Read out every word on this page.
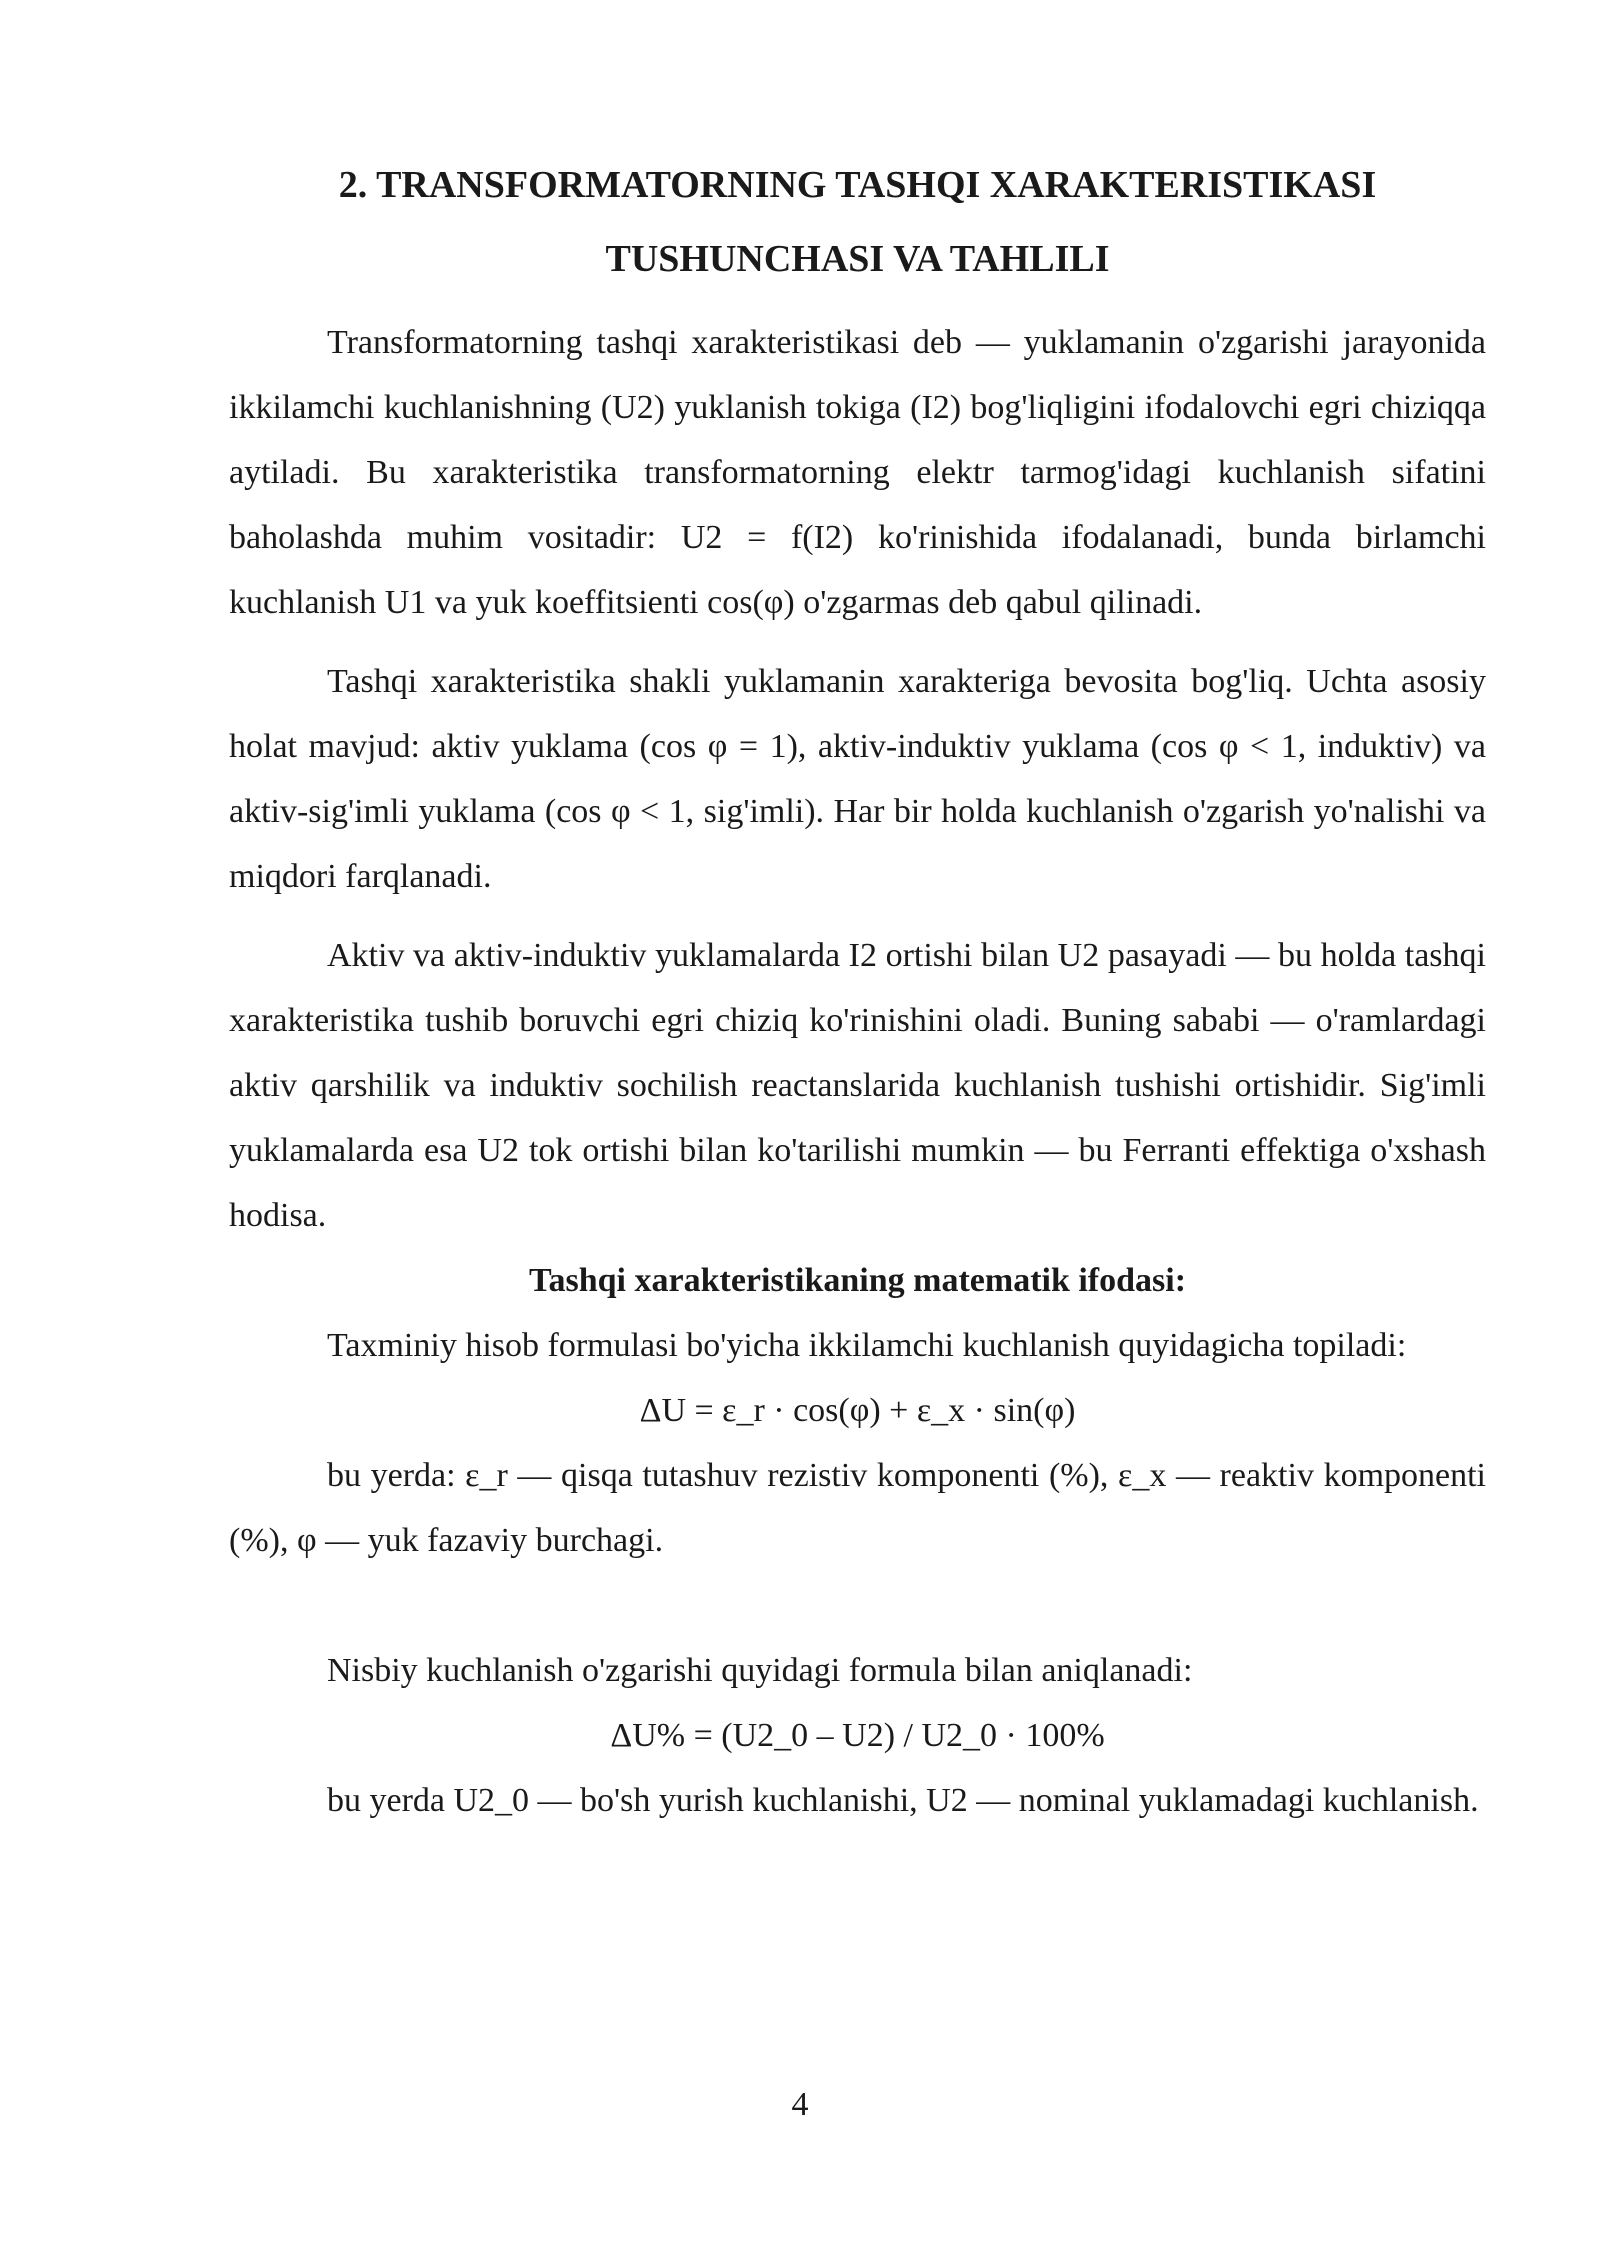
2. TRANSFORMATORNING TASHQI XARAKTERISTIKASI
TUSHUNCHASI VA TAHLILI

Transformatorning tashqi xarakteristikasi deb — yuklamanin o'zgarishi jarayonida ikkilamchi kuchlanishning (U2) yuklanish tokiga (I2) bog'liqligini ifodalovchi egri chiziqqa aytiladi. Bu xarakteristika transformatorning elektr tarmog'idagi kuchlanish sifatini baholashda muhim vositadir: U2 = f(I2) ko'rinishida ifodalanadi, bunda birlamchi kuchlanish U1 va yuk koeffitsienti cos(φ) o'zgarmas deb qabul qilinadi.

Tashqi xarakteristika shakli yuklamanin xarakteriga bevosita bog'liq. Uchta asosiy holat mavjud: aktiv yuklama (cos φ = 1), aktiv-induktiv yuklama (cos φ < 1, induktiv) va aktiv-sig'imli yuklama (cos φ < 1, sig'imli). Har bir holda kuchlanish o'zgarish yo'nalishi va miqdori farqlanadi.

Aktiv va aktiv-induktiv yuklamalarda I2 ortishi bilan U2 pasayadi — bu holda tashqi xarakteristika tushib boruvchi egri chiziq ko'rinishini oladi. Buning sababi — o'ramlardagi aktiv qarshilik va induktiv sochilish reactanslarida kuchlanish tushishi ortishidir. Sig'imli yuklamalarda esa U2 tok ortishi bilan ko'tarilishi mumkin — bu Ferranti effektiga o'xshash hodisa.

Tashqi xarakteristikaning matematik ifodasi:

Taxminiy hisob formulasi bo'yicha ikkilamchi kuchlanish quyidagicha topiladi:

ΔU = ε_r · cos(φ) + ε_x · sin(φ)

bu yerda: ε_r — qisqa tutashuv rezistiv komponenti (%), ε_x — reaktiv komponenti (%), φ — yuk fazaviy burchagi.

Nisbiy kuchlanish o'zgarishi quyidagi formula bilan aniqlanadi:

ΔU% = (U2_0 – U2) / U2_0 · 100%

bu yerda U2_0 — bo'sh yurish kuchlanishi, U2 — nominal yuklamadagi kuchlanish.

4
